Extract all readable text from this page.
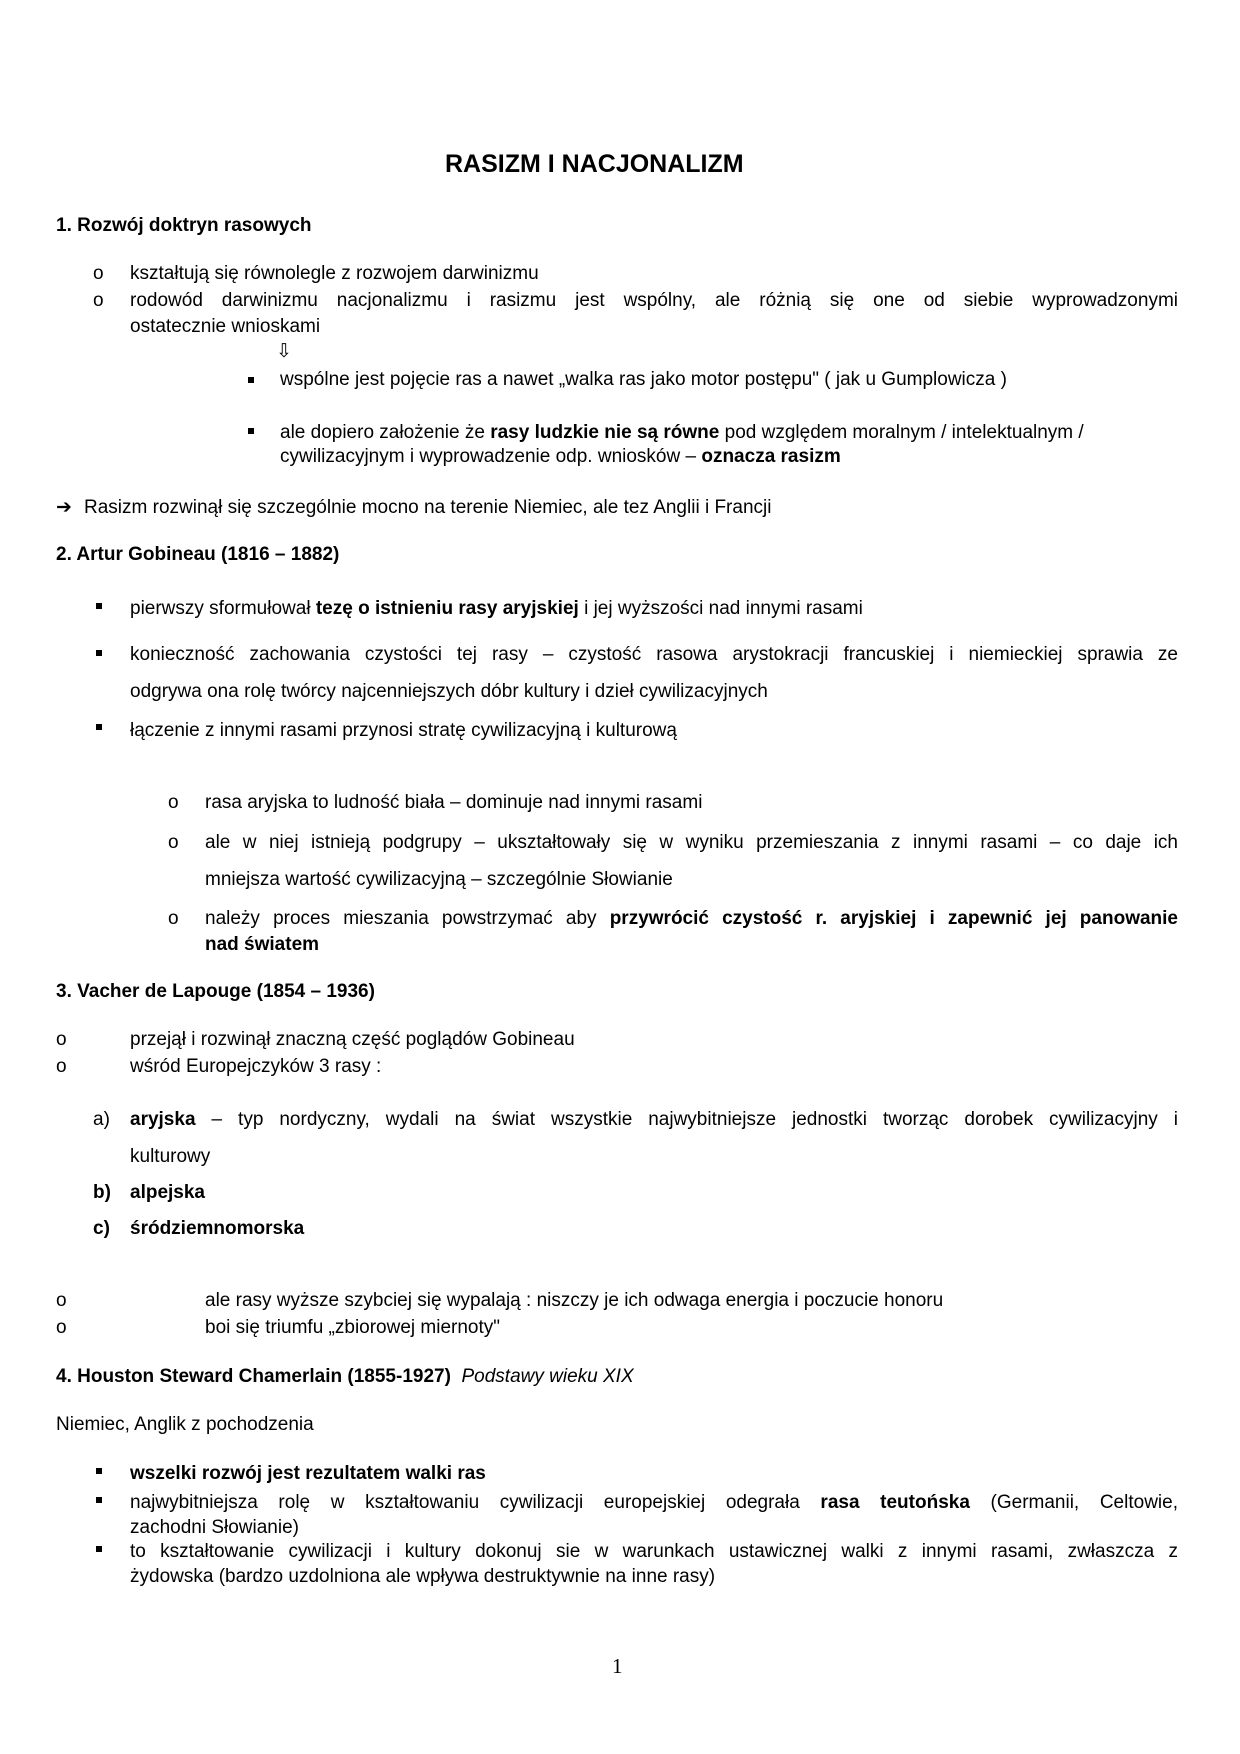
RASIZM I NACJONALIZM
1. Rozwój doktryn rasowych
o kształtują się równolegle z rozwojem darwinizmu
o rodowód darwinizmu nacjonalizmu i rasizmu jest wspólny, ale różnią się one od siebie wyprowadzonymi
ostatecznie wnioskami
⇩
wspólne jest pojęcie ras a nawet „walka ras jako motor postępu" ( jak u Gumplowicza )
ale dopiero założenie że rasy ludzkie nie są równe pod względem moralnym / intelektualnym /
cywilizacyjnym i wyprowadzenie odp. wniosków – oznacza rasizm
➔ Rasizm rozwinął się szczególnie mocno na terenie Niemiec, ale tez Anglii i Francji
2. Artur Gobineau (1816 – 1882)
pierwszy sformułował tezę o istnieniu rasy aryjskiej i jej wyższości nad innymi rasami
konieczność zachowania czystości tej rasy – czystość rasowa arystokracji francuskiej i niemieckiej sprawia ze
odgrywa ona rolę twórcy najcenniejszych dóbr kultury i dzieł cywilizacyjnych
łączenie z innymi rasami przynosi stratę cywilizacyjną i kulturową
o rasa aryjska to ludność biała – dominuje nad innymi rasami
o ale w niej istnieją podgrupy – ukształtowały się w wyniku przemieszania z innymi rasami – co daje ich
mniejsza wartość cywilizacyjną – szczególnie Słowianie
o należy proces mieszania powstrzymać aby przywrócić czystość r. aryjskiej i zapewnić jej panowanie
nad światem
3. Vacher de Lapouge (1854 – 1936)
o	przejął i rozwinął znaczną część poglądów Gobineau
o	wśród Europejczyków 3 rasy :
a) aryjska – typ nordyczny, wydali na świat wszystkie najwybitniejsze jednostki tworząc dorobek cywilizacyjny i
kulturowy
b) alpejska
c) śródziemnomorska
o	ale rasy wyższe szybciej się wypalają : niszczy je ich odwaga energia i poczucie honoru
o	boi się triumfu „zbiorowej miernoty"
4. Houston Steward Chamerlain (1855-1927) Podstawy wieku XIX
Niemiec, Anglik z pochodzenia
wszelki rozwój jest rezultatem walki ras
najwybitniejsza rolę w kształtowaniu cywilizacji europejskiej odegrała rasa teutońska (Germanii, Celtowie,
zachodni Słowianie)
to kształtowanie cywilizacji i kultury dokonuj sie w warunkach ustawicznej walki z innymi rasami, zwłaszcza z
żydowska (bardzo uzdolniona ale wpływa destruktywnie na inne rasy)
1
